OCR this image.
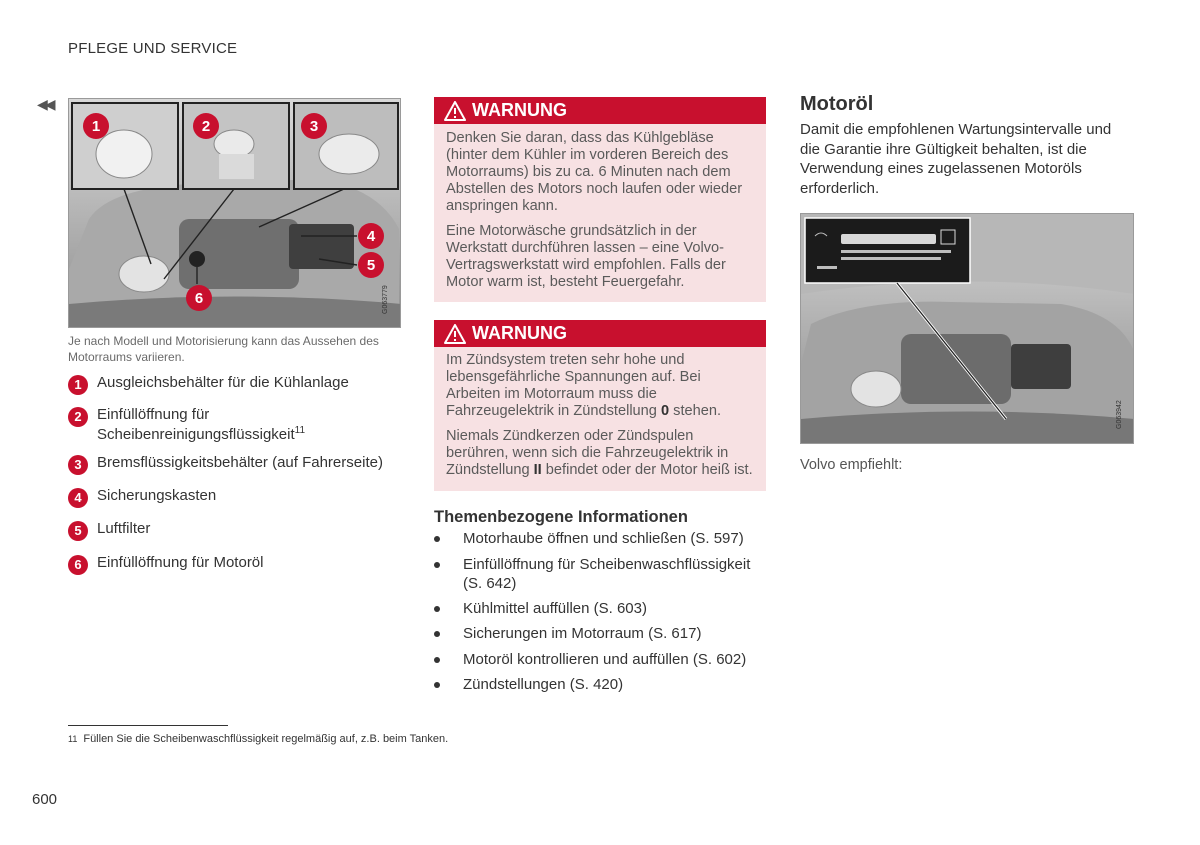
PFLEGE UND SERVICE
◀◀
1	2	3
4
5
6	G063779
Je nach Modell und Motorisierung kann das Aussehen des Motorraums variieren.
1	Ausgleichsbehälter für die Kühlanlage
2	Einfüllöffnung für Scheibenreinigungsflüssigkeit$^{11}$
3	Bremsflüssigkeitsbehälter (auf Fahrerseite)
4	Sicherungskasten
5	Luftfilter
6	Einfüllöffnung für Motoröl
WARNUNG

Denken Sie daran, dass das Kühlgebläse (hinter dem Kühler im vorderen Bereich des Motorraums) bis zu ca. 6 Minuten nach dem Abstellen des Motors noch laufen oder wieder anspringen kann.

Eine Motorwäsche grundsätzlich in der Werkstatt durchführen lassen – eine Volvo-Vertragswerkstatt wird empfohlen. Falls der Motor warm ist, besteht Feuergefahr.

WARNUNG

Im Zündsystem treten sehr hohe und lebensgefährliche Spannungen auf. Bei Arbeiten im Motorraum muss die Fahrzeugelektrik in Zündstellung 0 stehen.

Niemals Zündkerzen oder Zündspulen berühren, wenn sich die Fahrzeugelektrik in Zündstellung II befindet oder der Motor heiß ist.

Themenbezogene Informationen
Motorhaube öffnen und schließen (S. 597)
Einfüllöffnung für Scheibenwaschflüssigkeit (S. 642)
Kühlmittel auffüllen (S. 603)
Sicherungen im Motorraum (S. 617)
Motoröl kontrollieren und auffüllen (S. 602)
Zündstellungen (S. 420)
Motoröl
Damit die empfohlenen Wartungsintervalle und die Garantie ihre Gültigkeit behalten, ist die Verwendung eines zugelassenen Motoröls erforderlich.
G063942
Volvo empfiehlt:
11 Füllen Sie die Scheibenwaschflüssigkeit regelmäßig auf, z.B. beim Tanken.
600
